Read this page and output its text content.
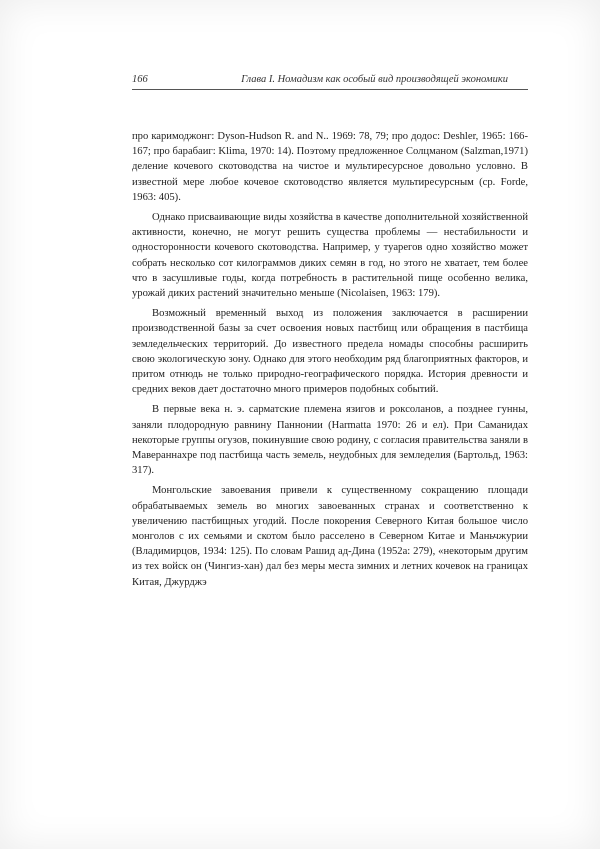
166	Глава I. Номадизм как особый вид производящей экономики

про каримоджонг: Dyson-Hudson R. and N.. 1969: 78, 79; про додос: Deshler, 1965: 166-167; про барабаиг: Klima, 1970: 14). Поэтому предложенное Солцманом (Salzman,1971) деление кочевого скотоводства на чистое и мультиресурсное довольно условно. В известной мере любое кочевое скотоводство является мультиресурсным (ср. Forde, 1963: 405).

Однако присваивающие виды хозяйства в качестве дополнительной хозяйственной активности, конечно, не могут решить существа проблемы — нестабильности и односторонности кочевого скотоводства. Например, у туарегов одно хозяйство может собрать несколько сот килограммов диких семян в год, но этого не хватает, тем более что в засушливые годы, когда потребность в растительной пище особенно велика, урожай диких растений значительно меньше (Nicolaisen, 1963: 179).

Возможный временный выход из положения заключается в расширении производственной базы за счет освоения новых пастбищ или обращения в пастбища земледельческих территорий. До известного предела номады способны расширить свою экологическую зону. Однако для этого необходим ряд благоприятных факторов, и притом отнюдь не только природно-географического порядка. История древности и средних веков дает достаточно много примеров подобных событий.

В первые века н. э. сарматские племена язигов и роксоланов, а позднее гунны, заняли плодородную равнину Паннонии (Harmatta 1970: 26 и ел). При Саманидах некоторые группы огузов, покинувшие свою родину, с согласия правительства заняли в Мавераннахре под пастбища часть земель, неудобных для земледелия (Бартольд, 1963: 317).

Монгольские завоевания привели к существенному сокращению площади обрабатываемых земель во многих завоеванных странах и соответственно к увеличению пастбищных угодий. После покорения Северного Китая большое число монголов с их семьями и скотом было расселено в Северном Китае и Маньчжурии (Владимирцов, 1934: 125). По словам Рашид ад-Дина (1952а: 279), «некоторым другим из тех войск он (Чингиз-хан) дал без меры места зимних и летних кочевок на границах Китая, Джурджэ
